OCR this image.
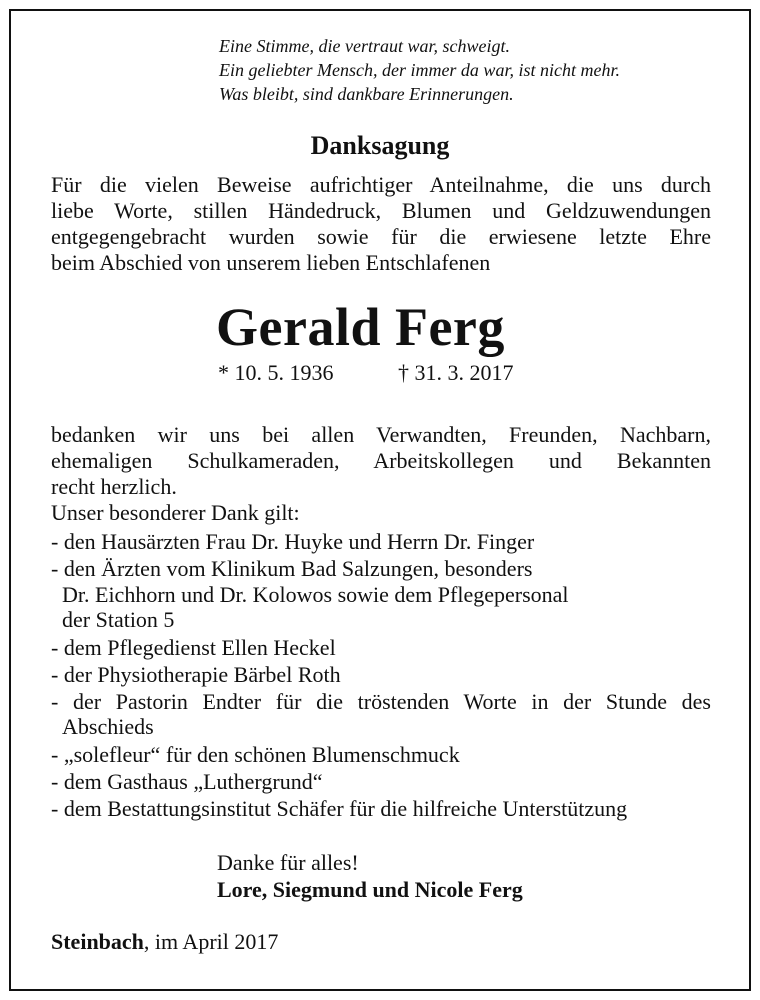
Eine Stimme, die vertraut war, schweigt.
Ein geliebter Mensch, der immer da war, ist nicht mehr.
Was bleibt, sind dankbare Erinnerungen.
Danksagung
Für die vielen Beweise aufrichtiger Anteilnahme, die uns durch
liebe Worte, stillen Händedruck, Blumen und Geldzuwendungen
entgegengebracht wurden sowie für die erwiesene letzte Ehre
beim Abschied von unserem lieben Entschlafenen
Gerald Ferg
* 10. 5. 1936	† 31. 3. 2017
bedanken wir uns bei allen Verwandten, Freunden, Nachbarn,
ehemaligen Schulkameraden, Arbeitskollegen und Bekannten
recht herzlich.
Unser besonderer Dank gilt:
- den Hausärzten Frau Dr. Huyke und Herrn Dr. Finger
- den Ärzten vom Klinikum Bad Salzungen, besonders
Dr. Eichhorn und Dr. Kolowos sowie dem Pflegepersonal
der Station 5
- dem Pflegedienst Ellen Heckel
- der Physiotherapie Bärbel Roth
- der Pastorin Endter für die tröstenden Worte in der Stunde des
Abschieds
- „solefleur“ für den schönen Blumenschmuck
- dem Gasthaus „Luthergrund“
- dem Bestattungsinstitut Schäfer für die hilfreiche Unterstützung
Danke für alles!
Lore, Siegmund und Nicole Ferg
Steinbach, im April 2017
